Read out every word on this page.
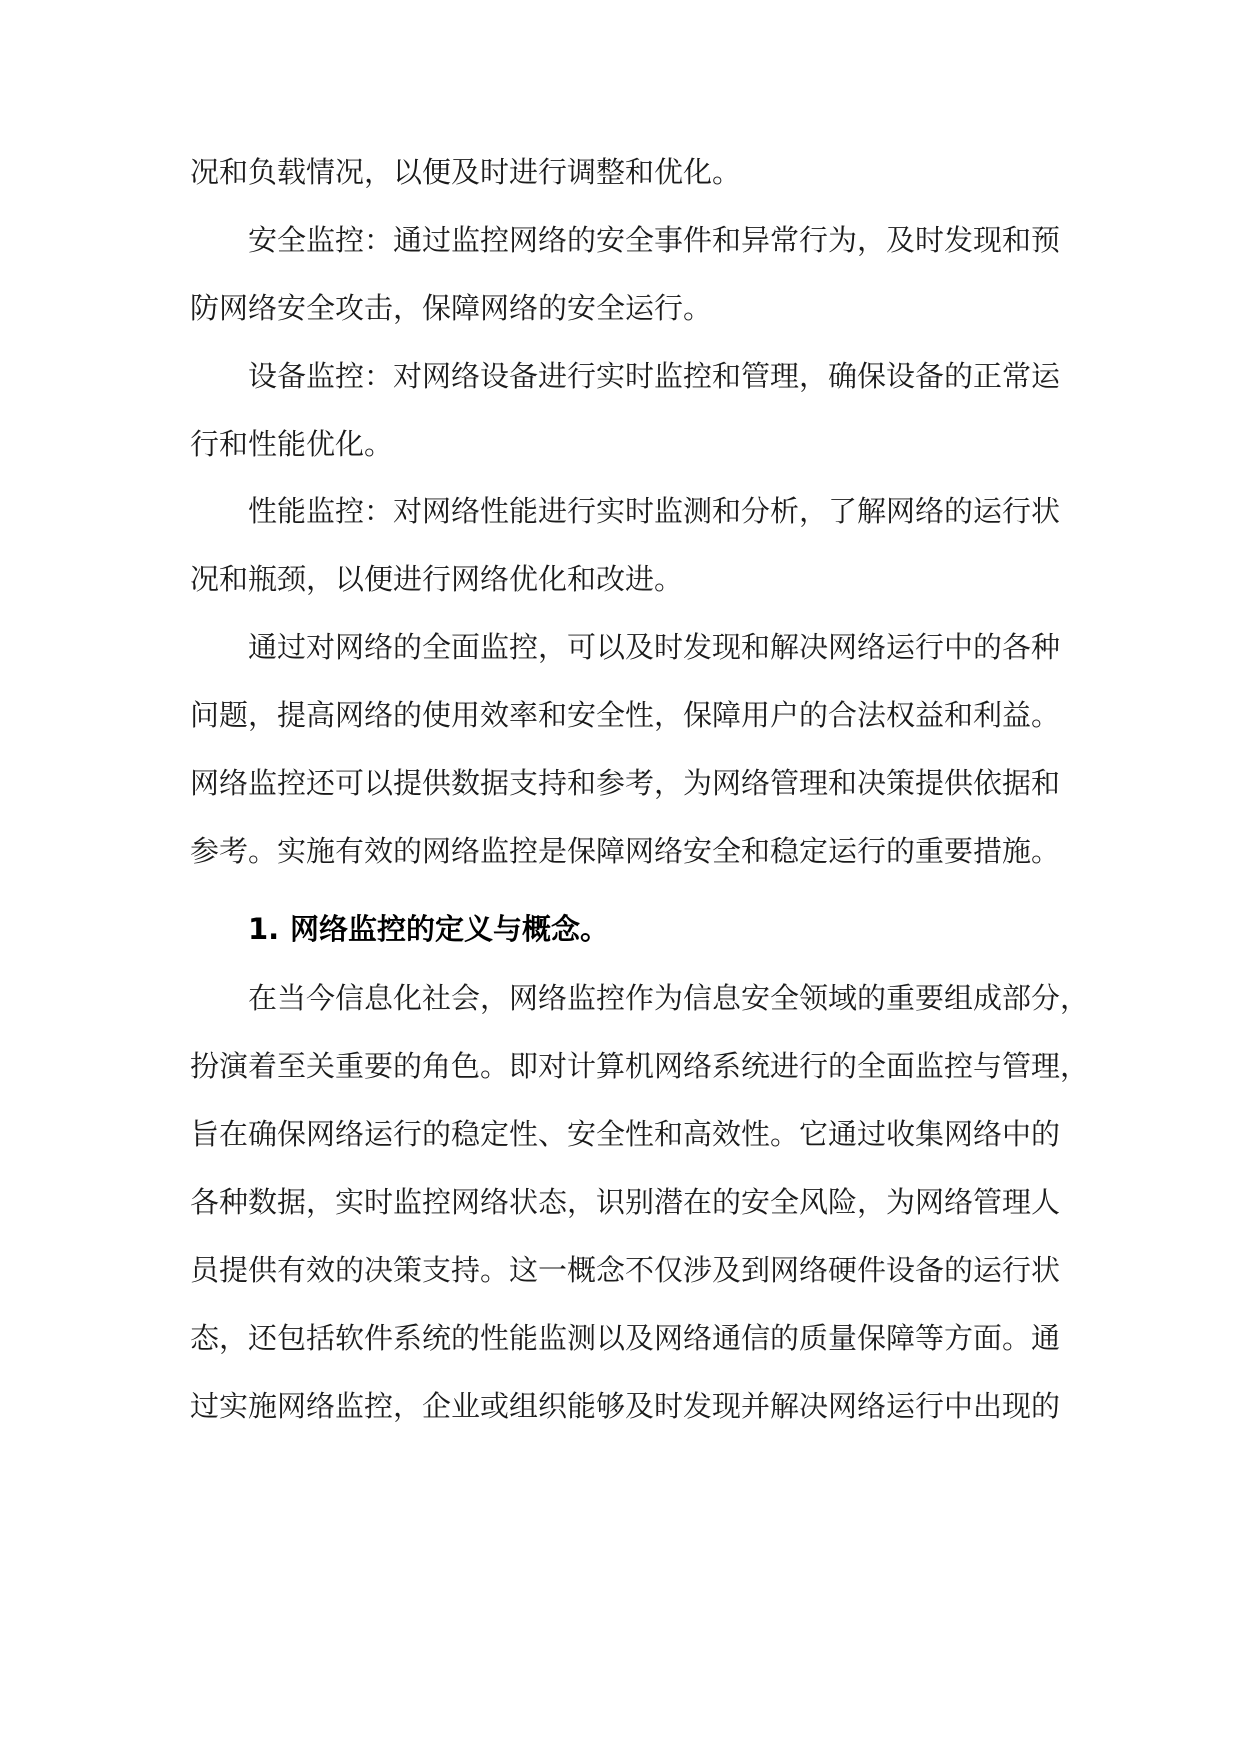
况和负载情况，以便及时进行调整和优化。
安全监控：通过监控网络的安全事件和异常行为，及时发现和预
防网络安全攻击，保障网络的安全运行。
设备监控：对网络设备进行实时监控和管理，确保设备的正常运
行和性能优化。
性能监控：对网络性能进行实时监测和分析，了解网络的运行状
况和瓶颈，以便进行网络优化和改进。
通过对网络的全面监控，可以及时发现和解决网络运行中的各种
问题，提高网络的使用效率和安全性，保障用户的合法权益和利益。
网络监控还可以提供数据支持和参考，为网络管理和决策提供依据和
参考。实施有效的网络监控是保障网络安全和稳定运行的重要措施。
1. 网络监控的定义与概念。
在当今信息化社会，网络监控作为信息安全领域的重要组成部分，
扮演着至关重要的角色。即对计算机网络系统进行的全面监控与管理，
旨在确保网络运行的稳定性、安全性和高效性。它通过收集网络中的
各种数据，实时监控网络状态，识别潜在的安全风险，为网络管理人
员提供有效的决策支持。这一概念不仅涉及到网络硬件设备的运行状
态，还包括软件系统的性能监测以及网络通信的质量保障等方面。通
过实施网络监控，企业或组织能够及时发现并解决网络运行中出现的
